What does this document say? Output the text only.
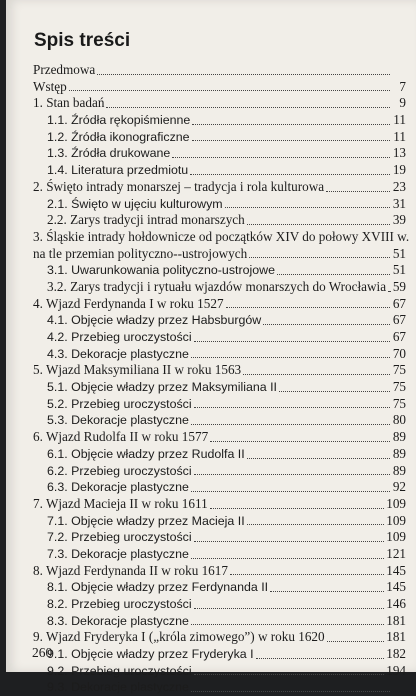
Spis treści
Przedmowa
Wstęp	7
1. Stan badań	9
1.1. Źródła rękopiśmienne	11
1.2. Źródła ikonograficzne	11
1.3. Źródła drukowane	13
1.4. Literatura przedmiotu	19
2. Święto intrady monarszej – tradycja i rola kulturowa	23
2.1. Święto w ujęciu kulturowym	31
2.2. Zarys tradycji intrad monarszych	39
3. Śląskie intrady hołdownicze od początków XIV do połowy XVIII w.
na tle przemian polityczno--ustrojowych	51
3.1. Uwarunkowania polityczno-ustrojowe	51
3.2. Zarys tradycji i rytuału wjazdów monarszych do Wrocławia 59
4. Wjazd Ferdynanda I w roku 1527	67
4.1. Objęcie władzy przez Habsburgów	67
4.2. Przebieg uroczystości	67
4.3. Dekoracje plastyczne	70
5. Wjazd Maksymiliana II w roku 1563	75
5.1. Objęcie władzy przez Maksymiliana II	75
5.2. Przebieg uroczystości	75
5.3. Dekoracje plastyczne	80
6. Wjazd Rudolfa II w roku 1577	89
6.1. Objęcie władzy przez Rudolfa II	89
6.2. Przebieg uroczystości	89
6.3. Dekoracje plastyczne	92
7. Wjazd Macieja II w roku 1611	109
7.1. Objęcie władzy przez Macieja II	109
7.2. Przebieg uroczystości	109
7.3. Dekoracje plastyczne	121
8. Wjazd Ferdynanda II w roku 1617	145
8.1. Objęcie władzy przez Ferdynanda II	145
8.2. Przebieg uroczystości	146
8.3. Dekoracje plastyczne	181
9. Wjazd Fryderyka I („króla zimowego”) w roku 1620	181
9.1. Objęcie władzy przez Fryderyka I	182
9.2. Przebieg uroczystości	194
9.3. Dekoracje plastyczne
260
